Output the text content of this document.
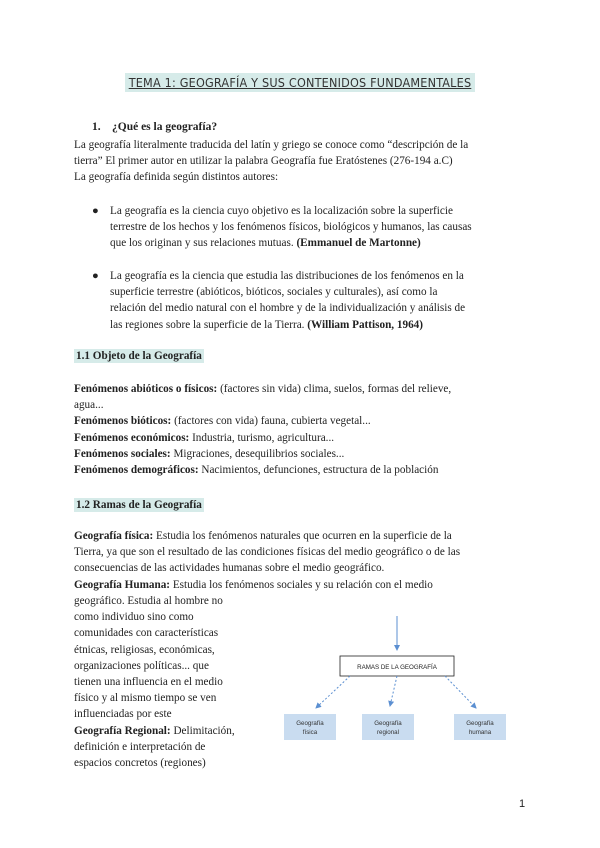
TEMA 1: GEOGRAFÍA Y SUS CONTENIDOS FUNDAMENTALES
1. ¿Qué es la geografía?
La geografía literalmente traducida del latín y griego se conoce como “descripción de la
tierra” El primer autor en utilizar la palabra Geografía fue Eratóstenes (276-194 a.C)
La geografía definida según distintos autores:
● La geografía es la ciencia cuyo objetivo es la localización sobre la superficie
terrestre de los hechos y los fenómenos físicos, biológicos y humanos, las causas
que los originan y sus relaciones mutuas. (Emmanuel de Martonne)
● La geografía es la ciencia que estudia las distribuciones de los fenómenos en la
superficie terrestre (abióticos, bióticos, sociales y culturales), así como la
relación del medio natural con el hombre y de la individualización y análisis de
las regiones sobre la superficie de la Tierra. (William Pattison, 1964)
1.1 Objeto de la Geografía
Fenómenos abióticos o físicos: (factores sin vida) clima, suelos, formas del relieve,
agua...
Fenómenos bióticos: (factores con vida) fauna, cubierta vegetal...
Fenómenos económicos: Industria, turismo, agricultura...
Fenómenos sociales: Migraciones, desequilibrios sociales...
Fenómenos demográficos: Nacimientos, defunciones, estructura de la población
1.2 Ramas de la Geografía
Geografía física: Estudia los fenómenos naturales que ocurren en la superficie de la
Tierra, ya que son el resultado de las condiciones físicas del medio geográfico o de las
consecuencias de las actividades humanas sobre el medio geográfico.
Geografía Humana: Estudia los fenómenos sociales y su relación con el medio
geográfico. Estudia al hombre no
como individuo sino como
comunidades con características
étnicas, religiosas, económicas,
organizaciones políticas... que
tienen una influencia en el medio
físico y al mismo tiempo se ven
influenciadas por este
Geografía Regional: Delimitación,
definición e interpretación de
espacios concretos (regiones)
RAMAS DE LA GEOGRAFÍA
Geografía
física
Geografía
regional
Geografía
humana
1
